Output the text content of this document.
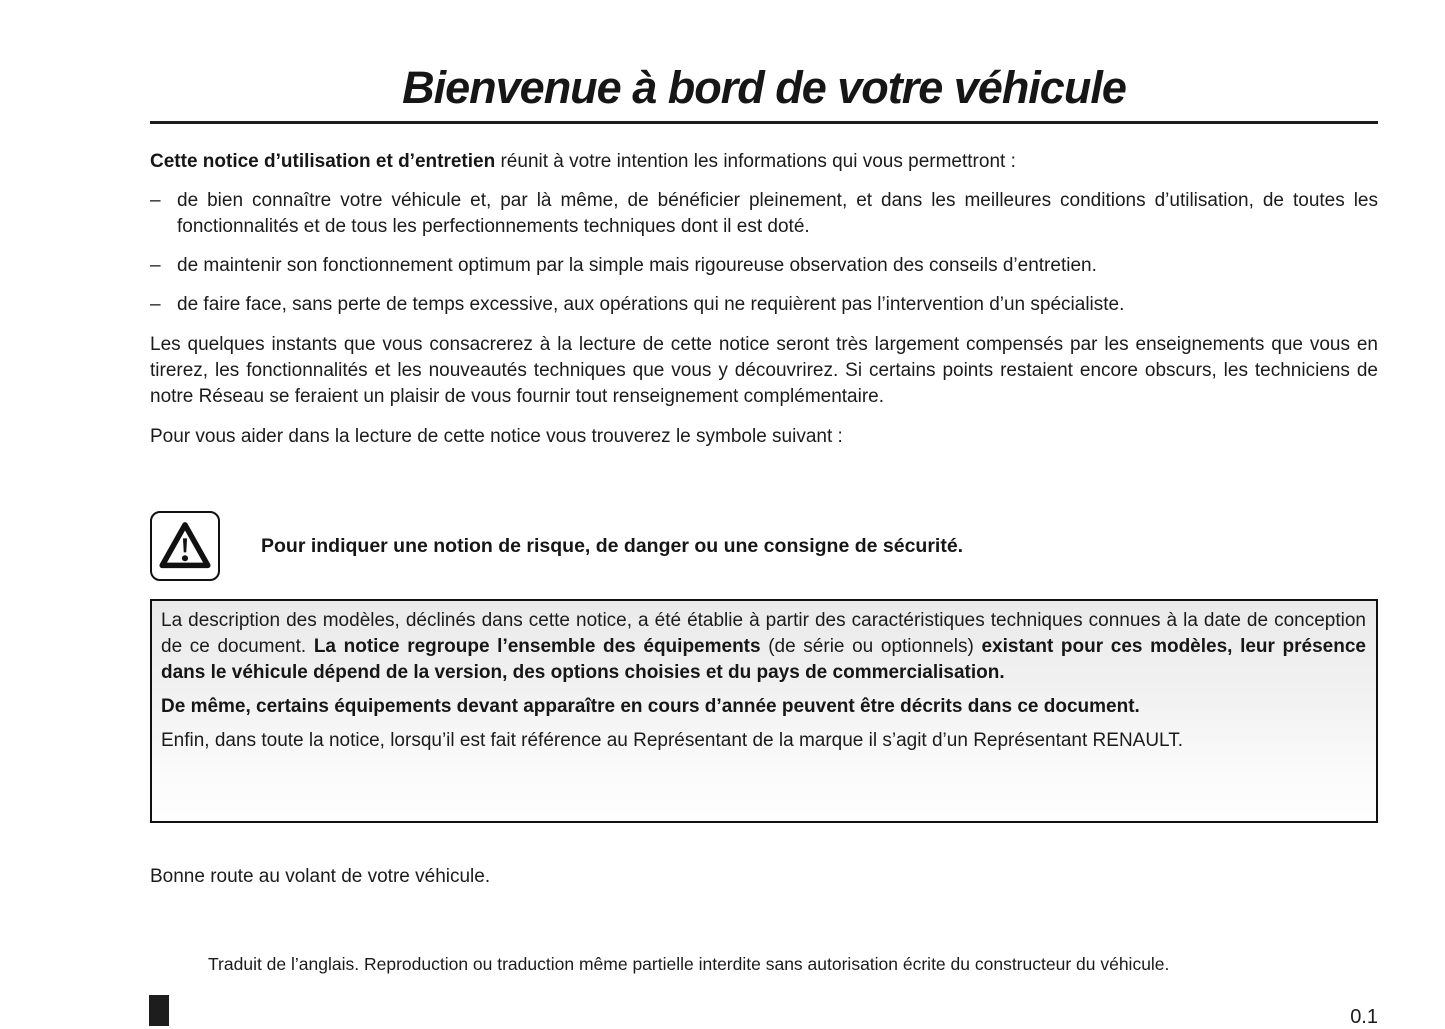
Bienvenue à bord de votre véhicule

Cette notice d’utilisation et d’entretien réunit à votre intention les informations qui vous permettront :

– de bien connaître votre véhicule et, par là même, de bénéficier pleinement, et dans les meilleures conditions d’utilisation, de toutes les fonctionnalités et de tous les perfectionnements techniques dont il est doté.
– de maintenir son fonctionnement optimum par la simple mais rigoureuse observation des conseils d’entretien.
– de faire face, sans perte de temps excessive, aux opérations qui ne requièrent pas l’intervention d’un spécialiste.

Les quelques instants que vous consacrerez à la lecture de cette notice seront très largement compensés par les enseignements que vous en tirerez, les fonctionnalités et les nouveautés techniques que vous y découvrirez. Si certains points restaient encore obscurs, les techniciens de notre Réseau se feraient un plaisir de vous fournir tout renseignement complémentaire.

Pour vous aider dans la lecture de cette notice vous trouverez le symbole suivant :

Pour indiquer une notion de risque, de danger ou une consigne de sécurité.

La description des modèles, déclinés dans cette notice, a été établie à partir des caractéristiques techniques connues à la date de conception de ce document. La notice regroupe l’ensemble des équipements (de série ou optionnels) existant pour ces modèles, leur présence dans le véhicule dépend de la version, des options choisies et du pays de commercialisation.

De même, certains équipements devant apparaître en cours d’année peuvent être décrits dans ce document.

Enfin, dans toute la notice, lorsqu’il est fait référence au Représentant de la marque il s’agit d’un Représentant RENAULT.

Bonne route au volant de votre véhicule.

Traduit de l’anglais. Reproduction ou traduction même partielle interdite sans autorisation écrite du constructeur du véhicule.

0.1
